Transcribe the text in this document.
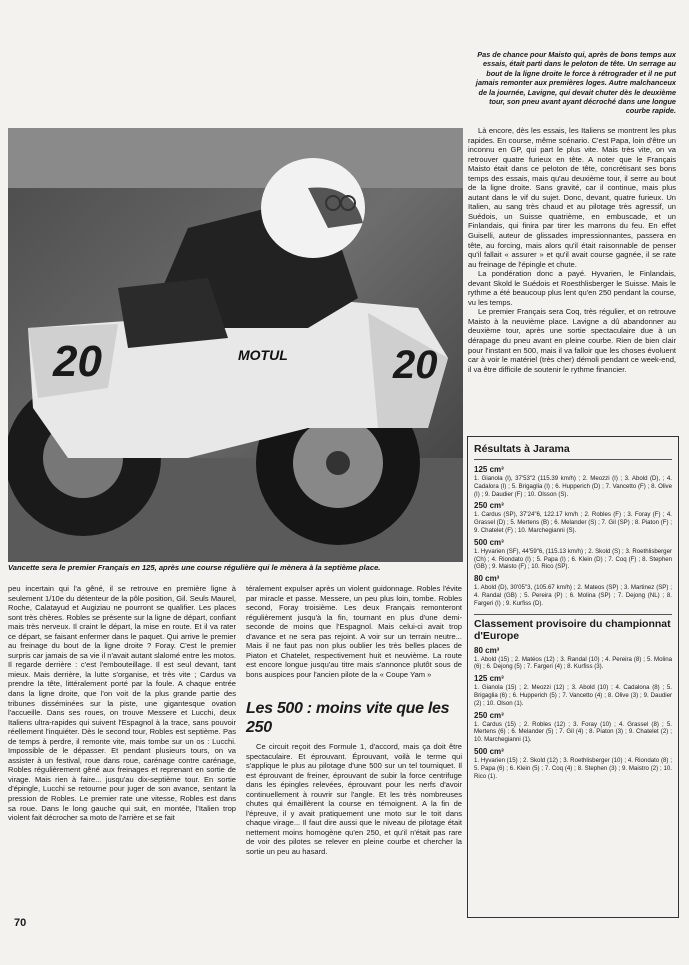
Pas de chance pour Maisto qui, après de bons temps aux essais, était parti dans le peloton de tête. Un serrage au bout de la ligne droite le force à rétrograder et il ne put jamais remonter aux premières loges. Autre malchanceux de la journée, Lavigne, qui devait chuter dès le deuxième tour, son pneu avant ayant décroché dans une longue courbe rapide.

20	20
MOTUL

Vancette sera le premier Français en 125, après une course régulière qui le mènera à la septième place.

Là encore, dès les essais, les Italiens se montrent les plus rapides. En course, même scénario. C'est Papa, loin d'être un inconnu en GP, qui part le plus vite. Mais très vite, on va retrouver quatre furieux en tête. A noter que le Français Maisto était dans ce peloton de tête, concrétisant ses bons temps des essais, mais qu'au deuxième tour, il serre au bout de la ligne droite. Sans gravité, car il continue, mais plus autant dans le vif du sujet. Donc, devant, quatre furieux. Un Italien, au sang très chaud et au pilotage très agressif, un Suédois, un Suisse quatrième, en embuscade, et un Finlandais, qui finira par tirer les marrons du feu. En effet Guiselli, auteur de glissades impressionnantes, passera en tête, au forcing, mais alors qu'il était raisonnable de penser qu'il fallait « assurer » et qu'il avait course gagnée, il se rate au freinage de l'épingle et chute.

La pondération donc a payé. Hyvarien, le Finlandais, devant Skold le Suédois et Roesthlisberger le Suisse. Mais le rythme a été beaucoup plus lent qu'en 250 pendant la course, vu les temps.

Le premier Français sera Coq, très régulier, et on retrouve Maisto à la neuvième place. Lavigne a dû abandonner au deuxième tour, après une sortie spectaculaire due à un dérapage du pneu avant en pleine courbe. Rien de bien clair pour l'instant en 500, mais il va falloir que les choses évoluent car à voir le matériel (très cher) démoli pendant ce week-end, il va être difficile de soutenir le rythme financier.

peu incertain qui l'a gêné, il se retrouve en première ligne à seulement 1/10e du détenteur de la pôle position, Gil. Seuls Maurel, Roche, Calatayud et Augiziau ne pourront se qualifier. Les places sont très chères. Robles se présente sur la ligne de départ, confiant mais très nerveux. Il craint le départ, la mise en route. Et il va rater ce départ, se faisant enfermer dans le paquet. Qui arrive le premier au freinage du bout de la ligne droite ? Foray. C'est le premier surpris car jamais de sa vie il n'avait autant slalomé entre les motos. Il regarde derrière : c'est l'embouteillage. Il est seul devant, tant mieux. Mais derrière, la lutte s'organise, et très vite ; Cardus va prendre la tête, littéralement porté par la foule. A chaque entrée dans la ligne droite, que l'on voit de la plus grande partie des tribunes disséminées sur la piste, une gigantesque ovation l'accueille. Dans ses roues, on trouve Messere et Lucchi, deux Italiens ultra-rapides qui suivent l'Espagnol à la trace, sans pouvoir réellement l'inquiéter. Dès le second tour, Robles est septième. Pas de temps à perdre, il remonte vite, mais tombe sur un os : Lucchi. Impossible de le dépasser. Et pendant plusieurs tours, on va assister à un festival, roue dans roue, carénage contre carénage, Robles régulièrement gêné aux freinages et reprenant en sortie de virage. Mais rien à faire... jusqu'au dix-septième tour. En sortie d'épingle, Lucchi se retourne pour juger de son avance, sentant la pression de Robles. Le premier rate une vitesse, Robles est dans sa roue. Dans le long gauche qui suit, en montée, l'Italien trop violent fait décrocher sa moto de l'arrière et se fait

téralement expulser après un violent guidonnage. Robles l'évite par miracle et passe. Messere, un peu plus loin, tombe. Robles second, Foray troisième. Les deux Français remonteront régulièrement jusqu'à la fin, tournant en plus d'une demi-seconde de moins que l'Espagnol. Mais celui-ci avait trop d'avance et ne sera pas rejoint. A voir sur un terrain neutre... Mais il ne faut pas non plus oublier les très belles places de Piaton et Chatelet, respectivement huit et neuvième. La route est encore longue jusqu'au titre mais s'annonce plutôt sous de bons auspices pour l'ancien pilote de la « Coupe Yam »

Les 500 : moins vite que les 250

Ce circuit reçoit des Formule 1, d'accord, mais ça doit être spectaculaire. Et éprouvant. Éprouvant, voilà le terme qui s'applique le plus au pilotage d'une 500 sur un tel tourniquet. Il est éprouvant de freiner, éprouvant de subir la force centrifuge dans les épingles relevées, éprouvant pour les nerfs d'avoir continuellement à rouvrir sur l'angle. Et les très nombreuses chutes qui émaillèrent la course en témoignent. A la fin de l'épreuve, il y avait pratiquement une moto sur le toit dans chaque virage... Il faut dire aussi que le niveau de pilotage était nettement moins homogène qu'en 250, et qu'il n'était pas rare de voir des pilotes se relever en pleine courbe et chercher la sortie un peu au hasard.

Résultats à Jarama
125 cm³

1. Gianola (I), 37'53"2 (115.39 km/h) ; 2. Meozzi (I) ; 3. Abold (D), ; 4. Cadalora (I) ; 5. Brigaglia (I) ; 6. Hupperich (D) ; 7. Vancetto (F) ; 8. Olive (I) ; 9. Daudier (F) ; 10. Olsson (S).

250 cm³

1. Cardus (SP), 37'24"6, 122.17 km/h ; 2. Robles (F) ; 3. Foray (F) ; 4. Grassel (D) ; 5. Mertens (B) ; 6. Melander (S) ; 7. Gil (SP) ; 8. Piaton (F) ; 9. Chatelet (F) ; 10. Marchegianni (S).

500 cm³

1. Hyvarien (SF), 44'59"6, (115.13 km/h) ; 2. Skold (S) ; 3. Roethlisberger (Ch) ; 4. Riondato (I) ; 5. Papa (I) ; 6. Klein (D) ; 7. Coq (F) ; 8. Stephen (GB) ; 9. Maisto (F) ; 10. Rico (SP).

80 cm³

1. Abold (D), 30'05"3, (105.67 km/h) ; 2. Mateos (SP) ; 3. Martinez (SP) ; 4. Randal (GB) ; 5. Pereira (P) ; 6. Molina (SP) ; 7. Dejong (NL) ; 8. Fargeri (I) ; 9. Kurfiss (D).

Classement provisoire du championnat d'Europe
80 cm³

1. Abold (15) ; 2. Matéos (12) ; 3. Randal (10) ; 4. Pereira (8) ; 5. Molina (6) ; 6. Dejong (5) ; 7. Fargeri (4) ; 8. Kurfiss (3).

125 cm³

1. Gianola (15) ; 2. Meozzi (12) ; 3. Abold (10) ; 4. Cadalona (8) ; 5. Brigaglia (6) ; 6. Hupperich (5) ; 7. Vancetto (4) ; 8. Olive (3) ; 9. Daudier (2) ; 10. Olson (1).

250 cm³

1. Cardus (15) ; 2. Robles (12) ; 3. Foray (10) ; 4. Grassel (8) ; 5. Mertens (6) ; 6. Melander (5) ; 7. Gil (4) ; 8. Piaton (3) ; 9. Chatelet (2) ; 10. Marchegianni (1).

500 cm³

1. Hyvarien (15) ; 2. Skold (12) ; 3. Roethlisberger (10) ; 4. Riondato (8) ; 5. Papa (6) ; 6. Klein (5) ; 7. Coq (4) ; 8. Stephen (3) ; 9. Maistro (2) ; 10. Rico (1).

70
